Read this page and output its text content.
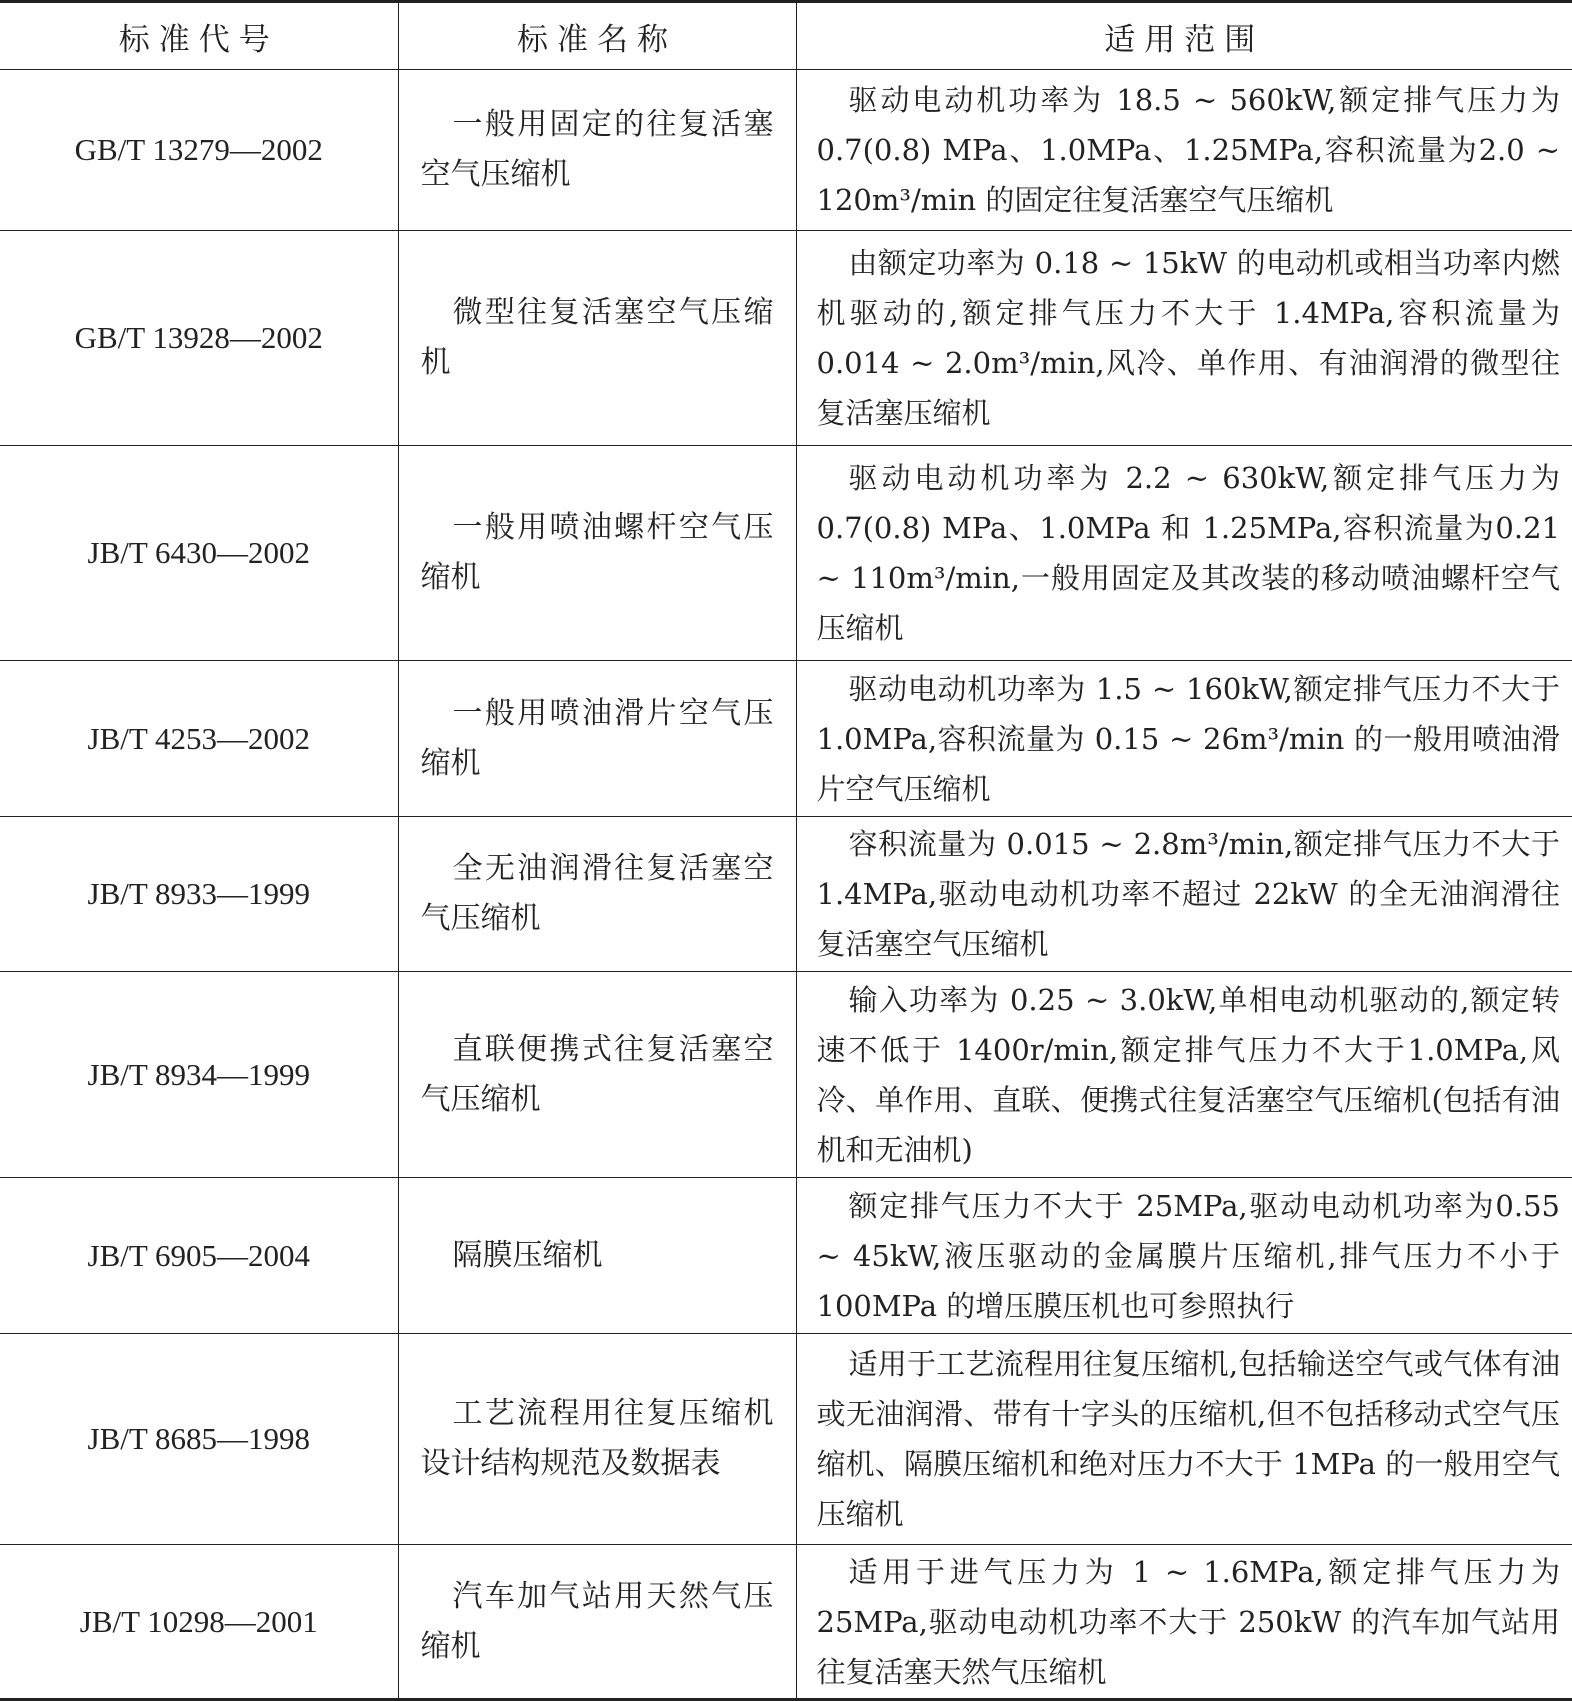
标准代号	标准名称	适用范围
GB/T 13279—2002	一般用固定的往复活塞空气压缩机	驱动电动机功率为 18.5 ~ 560kW,额定排气压力为0.7(0.8) MPa、1.0MPa、1.25MPa,容积流量为2.0 ~ 120m³/min 的固定往复活塞空气压缩机
GB/T 13928—2002	微型往复活塞空气压缩机	由额定功率为 0.18 ~ 15kW 的电动机或相当功率内燃机驱动的,额定排气压力不大于 1.4MPa,容积流量为 0.014 ~ 2.0m³/min,风冷、单作用、有油润滑的微型往复活塞压缩机
JB/T 6430—2002	一般用喷油螺杆空气压缩机	驱动电动机功率为 2.2 ~ 630kW,额定排气压力为0.7(0.8) MPa、1.0MPa 和 1.25MPa,容积流量为0.21 ~ 110m³/min,一般用固定及其改装的移动喷油螺杆空气压缩机
JB/T 4253—2002	一般用喷油滑片空气压缩机	驱动电动机功率为 1.5 ~ 160kW,额定排气压力不大于 1.0MPa,容积流量为 0.15 ~ 26m³/min 的一般用喷油滑片空气压缩机
JB/T 8933—1999	全无油润滑往复活塞空气压缩机	容积流量为 0.015 ~ 2.8m³/min,额定排气压力不大于 1.4MPa,驱动电动机功率不超过 22kW 的全无油润滑往复活塞空气压缩机
JB/T 8934—1999	直联便携式往复活塞空气压缩机	输入功率为 0.25 ~ 3.0kW,单相电动机驱动的,额定转速不低于 1400r/min,额定排气压力不大于1.0MPa,风冷、单作用、直联、便携式往复活塞空气压缩机(包括有油机和无油机)
JB/T 6905—2004	隔膜压缩机	额定排气压力不大于 25MPa,驱动电动机功率为0.55 ~ 45kW,液压驱动的金属膜片压缩机,排气压力不小于 100MPa 的增压膜压机也可参照执行
JB/T 8685—1998	工艺流程用往复压缩机设计结构规范及数据表	适用于工艺流程用往复压缩机,包括输送空气或气体有油或无油润滑、带有十字头的压缩机,但不包括移动式空气压缩机、隔膜压缩机和绝对压力不大于 1MPa 的一般用空气压缩机
JB/T 10298—2001	汽车加气站用天然气压缩机	适用于进气压力为 1 ~ 1.6MPa,额定排气压力为25MPa,驱动电动机功率不大于 250kW 的汽车加气站用往复活塞天然气压缩机
